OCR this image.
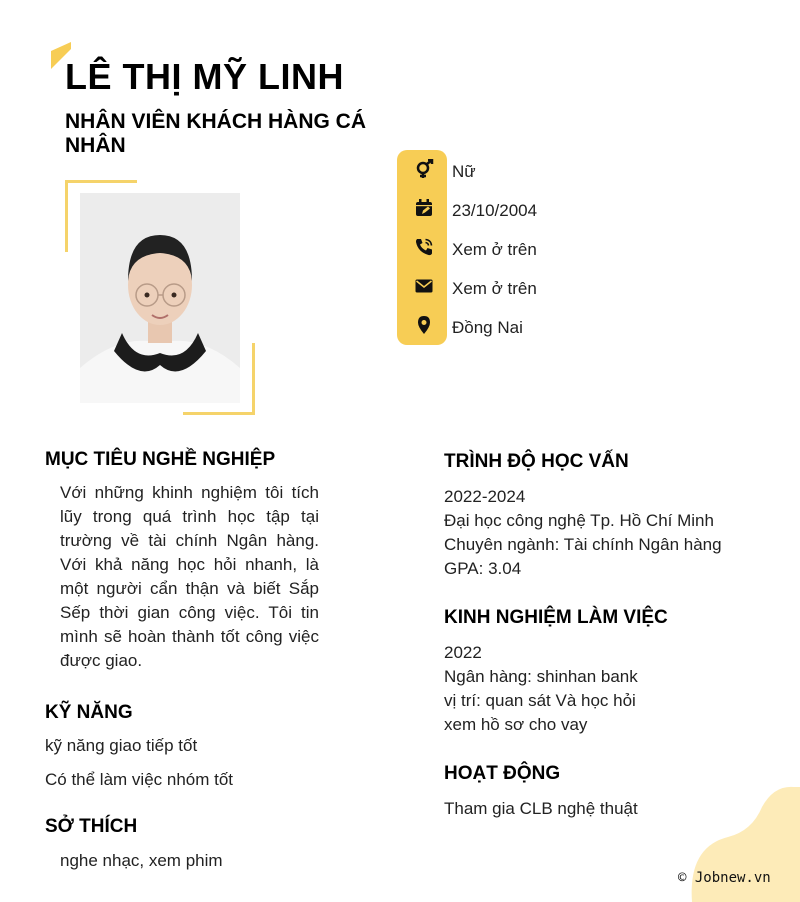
LÊ THỊ MỸ LINH
NHÂN VIÊN KHÁCH HÀNG CÁ NHÂN
Nữ
23/10/2004
Xem ở trên
Xem ở trên
Đồng Nai
MỤC TIÊU NGHỀ NGHIỆP
Với những khinh nghiệm tôi tích lũy trong quá trình học tập tại trường về tài chính Ngân hàng. Với khả năng học hỏi nhanh, là một người cẩn thận và biết Sắp Sếp thời gian công việc. Tôi tin mình sẽ hoàn thành tốt công việc được giao.
KỸ NĂNG
kỹ năng giao tiếp tốt
Có thể làm việc nhóm tốt
SỞ THÍCH
nghe nhạc, xem phim
TRÌNH ĐỘ HỌC VẤN
2022-2024
Đại học công nghệ Tp. Hồ Chí Minh
Chuyên ngành: Tài chính Ngân hàng
GPA: 3.04
KINH NGHIỆM LÀM VIỆC
2022
Ngân hàng: shinhan bank
vị trí: quan sát Và học hỏi
xem hồ sơ cho vay
HOẠT ĐỘNG
Tham gia CLB nghệ thuật
© Jobnew.vn
